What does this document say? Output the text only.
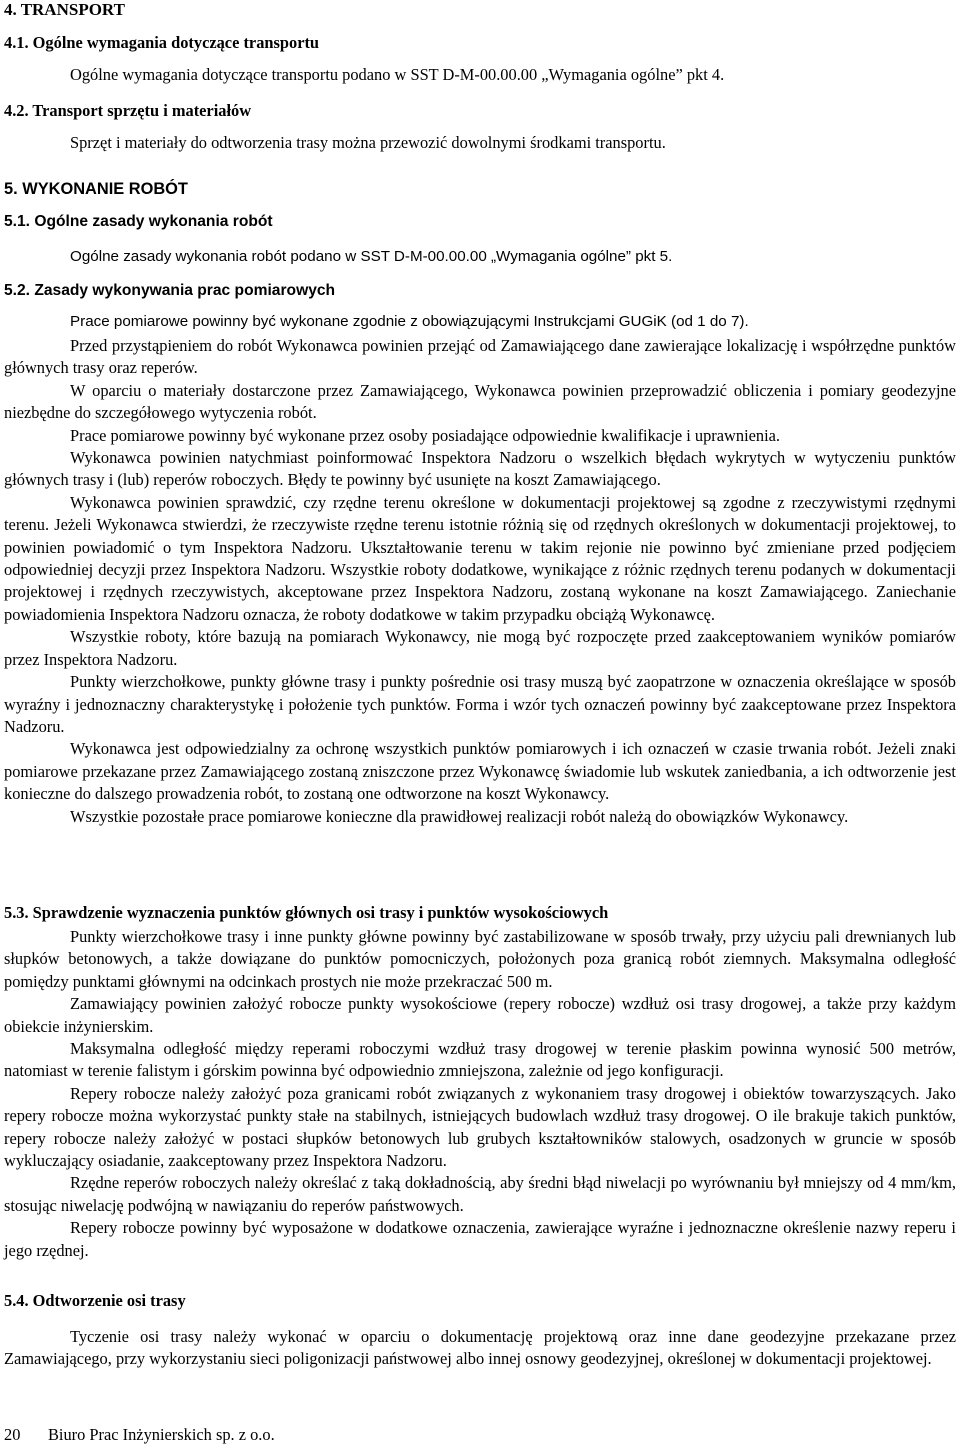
4. TRANSPORT

4.1. Ogólne wymagania dotyczące transportu

Ogólne wymagania dotyczące transportu podano w SST D-M-00.00.00 „Wymagania ogólne” pkt 4.

4.2. Transport sprzętu i materiałów

Sprzęt i materiały do odtworzenia trasy można przewozić dowolnymi środkami transportu.

5. WYKONANIE ROBÓT

5.1. Ogólne zasady wykonania robót

Ogólne zasady wykonania robót podano w SST D-M-00.00.00 „Wymagania ogólne” pkt 5.

5.2. Zasady wykonywania prac pomiarowych

Prace pomiarowe powinny być wykonane zgodnie z obowiązującymi Instrukcjami GUGiK (od 1 do 7).

Przed przystąpieniem do robót Wykonawca powinien przejąć od Zamawiającego dane zawierające lokalizację i współrzędne punktów głównych trasy oraz reperów.

W oparciu o materiały dostarczone przez Zamawiającego, Wykonawca powinien przeprowadzić obliczenia i pomiary geodezyjne niezbędne do szczegółowego wytyczenia robót.

Prace pomiarowe powinny być wykonane przez osoby posiadające odpowiednie kwalifikacje i uprawnienia.

Wykonawca powinien natychmiast poinformować Inspektora Nadzoru o wszelkich błędach wykrytych w wytyczeniu punktów głównych trasy i (lub) reperów roboczych. Błędy te powinny być usunięte na koszt Zamawiającego.

Wykonawca powinien sprawdzić, czy rzędne terenu określone w dokumentacji projektowej są zgodne z rzeczywistymi rzędnymi terenu. Jeżeli Wykonawca stwierdzi, że rzeczywiste rzędne terenu istotnie różnią się od rzędnych określonych w dokumentacji projektowej, to powinien powiadomić o tym Inspektora Nadzoru. Ukształtowanie terenu w takim rejonie nie powinno być zmieniane przed podjęciem odpowiedniej decyzji przez Inspektora Nadzoru. Wszystkie roboty dodatkowe, wynikające z różnic rzędnych terenu podanych w dokumentacji projektowej i rzędnych rzeczywistych, akceptowane przez Inspektora Nadzoru, zostaną wykonane na koszt Zamawiającego. Zaniechanie powiadomienia Inspektora Nadzoru oznacza, że roboty dodatkowe w takim przypadku obciążą Wykonawcę.

Wszystkie roboty, które bazują na pomiarach Wykonawcy, nie mogą być rozpoczęte przed zaakceptowaniem wyników pomiarów przez Inspektora Nadzoru.

Punkty wierzchołkowe, punkty główne trasy i punkty pośrednie osi trasy muszą być zaopatrzone w oznaczenia określające w sposób wyraźny i jednoznaczny charakterystykę i położenie tych punktów. Forma i wzór tych oznaczeń powinny być zaakceptowane przez Inspektora Nadzoru.

Wykonawca jest odpowiedzialny za ochronę wszystkich punktów pomiarowych i ich oznaczeń w czasie trwania robót. Jeżeli znaki pomiarowe przekazane przez Zamawiającego zostaną zniszczone przez Wykonawcę świadomie lub wskutek zaniedbania, a ich odtworzenie jest konieczne do dalszego prowadzenia robót, to zostaną one odtworzone na koszt Wykonawcy.

Wszystkie pozostałe prace pomiarowe konieczne dla prawidłowej realizacji robót należą do obowiązków Wykonawcy.

5.3. Sprawdzenie wyznaczenia punktów głównych osi trasy i punktów wysokościowych

Punkty wierzchołkowe trasy i inne punkty główne powinny być zastabilizowane w sposób trwały, przy użyciu pali drewnianych lub słupków betonowych, a także dowiązane do punktów pomocniczych, położonych poza granicą robót ziemnych. Maksymalna odległość pomiędzy punktami głównymi na odcinkach prostych nie może przekraczać 500 m.

Zamawiający powinien założyć robocze punkty wysokościowe (repery robocze) wzdłuż osi trasy drogowej, a także przy każdym obiekcie inżynierskim.

Maksymalna odległość między reperami roboczymi wzdłuż trasy drogowej w terenie płaskim powinna wynosić 500 metrów, natomiast w terenie falistym i górskim powinna być odpowiednio zmniejszona, zależnie od jego konfiguracji.

Repery robocze należy założyć poza granicami robót związanych z wykonaniem trasy drogowej i obiektów towarzyszących. Jako repery robocze można wykorzystać punkty stałe na stabilnych, istniejących budowlach wzdłuż trasy drogowej. O ile brakuje takich punktów, repery robocze należy założyć w postaci słupków betonowych lub grubych kształtowników stalowych, osadzonych w gruncie w sposób wykluczający osiadanie, zaakceptowany przez Inspektora Nadzoru.

Rzędne reperów roboczych należy określać z taką dokładnością, aby średni błąd niwelacji po wyrównaniu był mniejszy od 4 mm/km, stosując niwelację podwójną w nawiązaniu do reperów państwowych.

Repery robocze powinny być wyposażone w dodatkowe oznaczenia, zawierające wyraźne i jednoznaczne określenie nazwy reperu i jego rzędnej.

5.4. Odtworzenie osi trasy

Tyczenie osi trasy należy wykonać w oparciu o dokumentację projektową oraz inne dane geodezyjne przekazane przez Zamawiającego, przy wykorzystaniu sieci poligonizacji państwowej albo innej osnowy geodezyjnej, określonej w dokumentacji projektowej.

20 Biuro Prac Inżynierskich sp. z o.o.
